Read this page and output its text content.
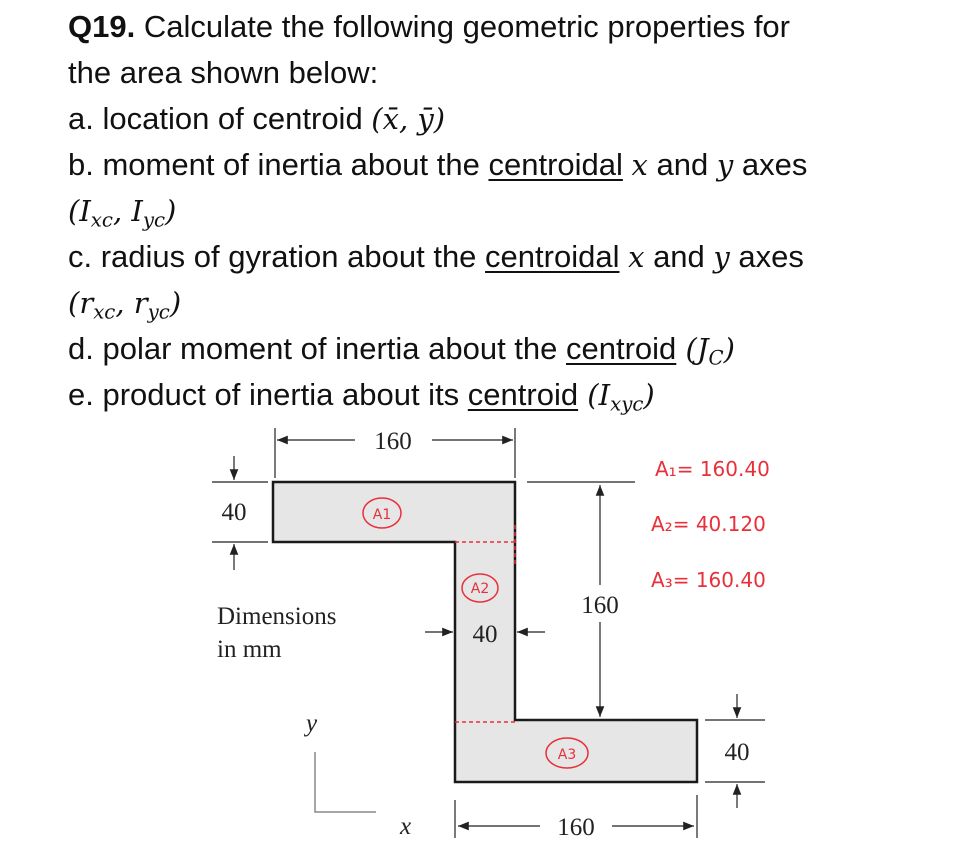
Q19. Calculate the following geometric properties for

the area shown below:

a. location of centroid (x̄, ȳ)

b. moment of inertia about the centroidal x and y axes

($I_{xc}$, $I_{yc}$)

c. radius of gyration about the centroidal x and y axes

($r_{xc}$, $r_{yc}$)

d. polar moment of inertia about the centroid $(J_C)$

e. product of inertia about its centroid $(I_{xyc})$

160
40
160
40
40
160
Dimensions
in mm
y
x
A1
A2
A3
A₁= 160.40
A₂= 40.120
A₃= 160.40
